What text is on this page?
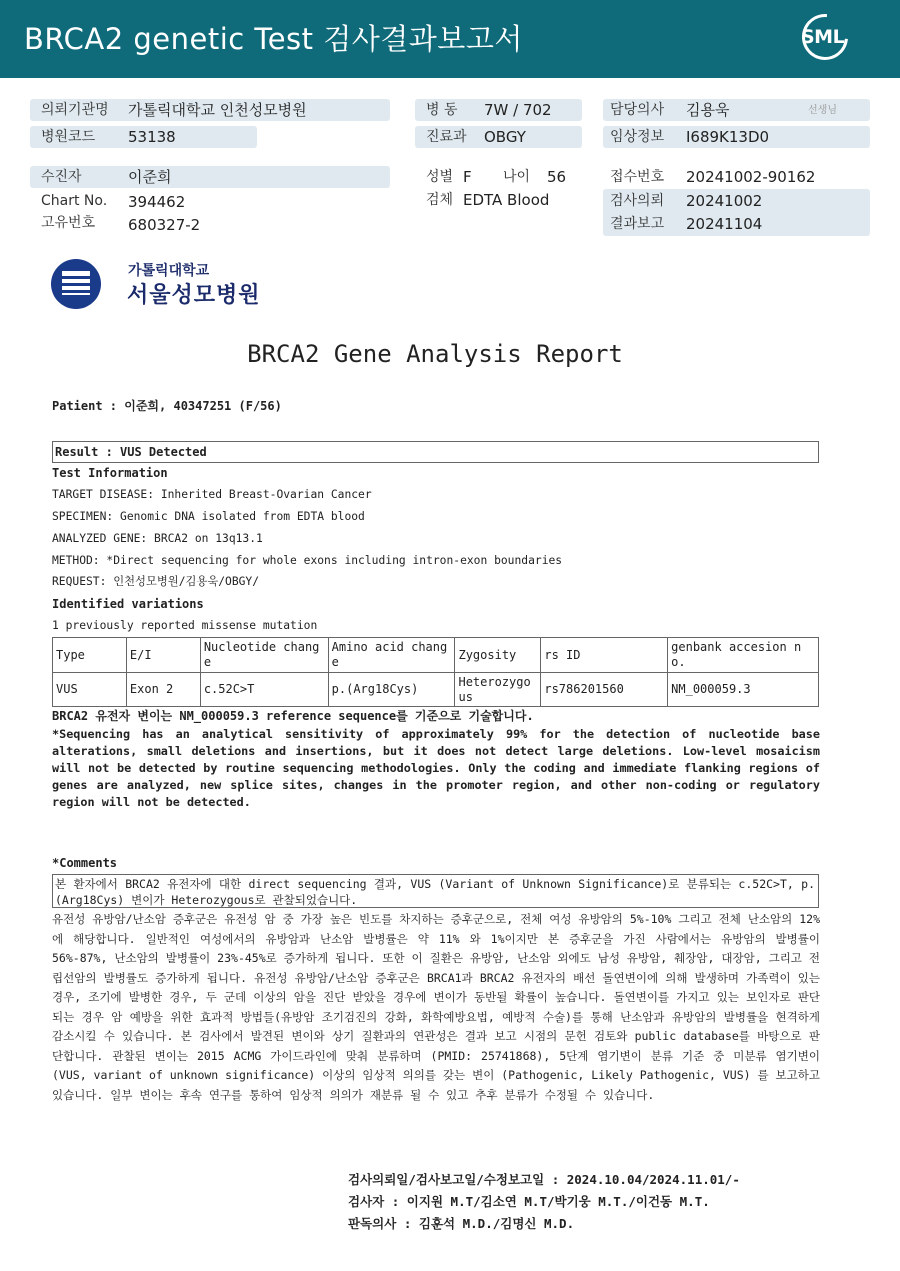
BRCA2 genetic Test 검사결과보고서	SML
의뢰기관명 가톨릭대학교 인천성모병원
병원코드 53138
병 동 7W / 702
진료과 OBGY
담당의사 김용욱	선생님
임상정보 I689K13D0
수진자	이준희
Chart No. 394462
고유번호 680327-2
성별 F 나이 56
검체 EDTA Blood
접수번호 20241002-90162
검사의뢰 20241002
결과보고 20241104
가톨릭대학교
서울성모병원
BRCA2 Gene Analysis Report
Patient : 이준희, 40347251 (F/56)
Result : VUS Detected
Test Information
TARGET DISEASE: Inherited Breast-Ovarian Cancer
SPECIMEN: Genomic DNA isolated from EDTA blood
ANALYZED GENE: BRCA2 on 13q13.1
METHOD: *Direct sequencing for whole exons including intron-exon boundaries
REQUEST: 인천성모병원/김용욱/OBGY/
Identified variations
1 previously reported missense mutation
Type	E/I	Nucleotide change	Amino acid change	Zygosity	rs ID	genbank accesion no.
VUS	Exon 2	c.52C>T	p.(Arg18Cys)	Heterozygous	rs786201560	NM_000059.3
BRCA2 유전자 변이는 NM_000059.3 reference sequence를 기준으로 기술합니다.
*Sequencing has an analytical sensitivity of approximately 99% for the detection of nucleotide base alterations, small deletions and insertions, but it does not detect large deletions. Low-level mosaicism will not be detected by routine sequencing methodologies. Only the coding and immediate flanking regions of genes are analyzed, new splice sites, changes in the promoter region, and other non-coding or regulatory region will not be detected.
*Comments
본 환자에서 BRCA2 유전자에 대한 direct sequencing 결과, VUS (Variant of Unknown Significance)로 분류되는 c.52C>T, p.(Arg18Cys) 변이가 Heterozygous로 관찰되었습니다.
유전성 유방암/난소암 증후군은 유전성 암 중 가장 높은 빈도를 차지하는 증후군으로, 전체 여성 유방암의 5%-10% 그리고 전체 난소암의 12%에 해당합니다. 일반적인 여성에서의 유방암과 난소암 발병률은 약 11% 와 1%이지만 본 증후군을 가진 사람에서는 유방암의 발병률이 56%-87%, 난소암의 발병률이 23%-45%로 증가하게 됩니다. 또한 이 질환은 유방암, 난소암 외에도 남성 유방암, 췌장암, 대장암, 그리고 전립선암의 발병률도 증가하게 됩니다. 유전성 유방암/난소암 증후군은 BRCA1과 BRCA2 유전자의 배선 돌연변이에 의해 발생하며 가족력이 있는 경우, 조기에 발병한 경우, 두 군데 이상의 암을 진단 받았을 경우에 변이가 동반될 확률이 높습니다. 돌연변이를 가지고 있는 보인자로 판단되는 경우 암 예방을 위한 효과적 방법들(유방암 조기검진의 강화, 화학예방요법, 예방적 수술)를 통해 난소암과 유방암의 발병률을 현격하게 감소시킬 수 있습니다. 본 검사에서 발견된 변이와 상기 질환과의 연관성은 결과 보고 시점의 문헌 검토와 public database를 바탕으로 판단합니다. 관찰된 변이는 2015 ACMG 가이드라인에 맞춰 분류하며 (PMID: 25741868), 5단계 염기변이 분류 기준 중 미분류 염기변이 (VUS, variant of unknown significance) 이상의 임상적 의의를 갖는 변이 (Pathogenic, Likely Pathogenic, VUS) 를 보고하고 있습니다. 일부 변이는 후속 연구를 통하여 임상적 의의가 재분류 될 수 있고 추후 분류가 수정될 수 있습니다.
검사의뢰일/검사보고일/수정보고일 : 2024.10.04/2024.11.01/-
검사자 : 이지원 M.T/김소연 M.T/박기웅 M.T./이건동 M.T.
판독의사 : 김훈석 M.D./김명신 M.D.
